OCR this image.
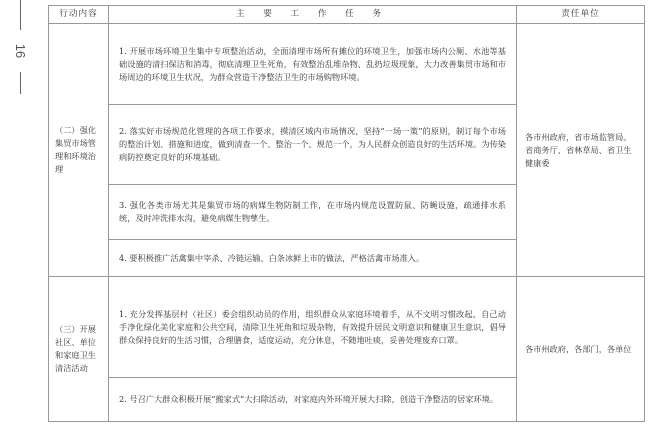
16
行动内容	主 要 工 作 任 务	责任单位
（二）强化集贸市场管理和环境治理	1. 开展市场环境卫生集中专项整治活动，全面清理市场所有摊位的环境卫生，加强市场内公厕、水池等基础设施的清扫保洁和消毒，彻底清理卫生死角，有效整治乱堆杂物、乱扔垃圾现象，大力改善集贸市场和市场周边的环境卫生状况，为群众营造干净整洁卫生的市场购物环境。	各市州政府，省市场监管局、省商务厅、省林草局、省卫生健康委
	2. 落实好市场规范化管理的各项工作要求，摸清区域内市场情况，坚持“一场一策”的原则，制订每个市场的整治计划、措施和进度，做到清查一个、整治一个、规范一个，为人民群众创造良好的生活环境。为传染病防控奠定良好的环境基础。	
	3. 强化各类市场尤其是集贸市场的病媒生物防制工作，在市场内规范设置防鼠、防蝇设施，疏通排水系统，及时冲洗排水沟，避免病媒生物孳生。	
	4. 要积极推广活禽集中宰杀、冷链运输、白条冰鲜上市的做法，严格活禽市场准入。	
（三）开展社区、单位和家庭卫生清洁活动	1. 充分发挥基层村（社区）委会组织动员的作用，组织群众从家庭环境着手，从不文明习惯改起，自己动手净化绿化美化家庭和公共空间，清除卫生死角和垃圾杂物，有效提升居民文明意识和健康卫生意识，倡导群众保持良好的生活习惯，合理膳食，适度运动，充分休息，不随地吐痰，妥善处理废弃口罩。	各市州政府，各部门，各单位
	2. 号召广大群众积极开展“搬家式”大扫除活动，对家庭内外环境开展大扫除，创造干净整洁的居家环境。	
